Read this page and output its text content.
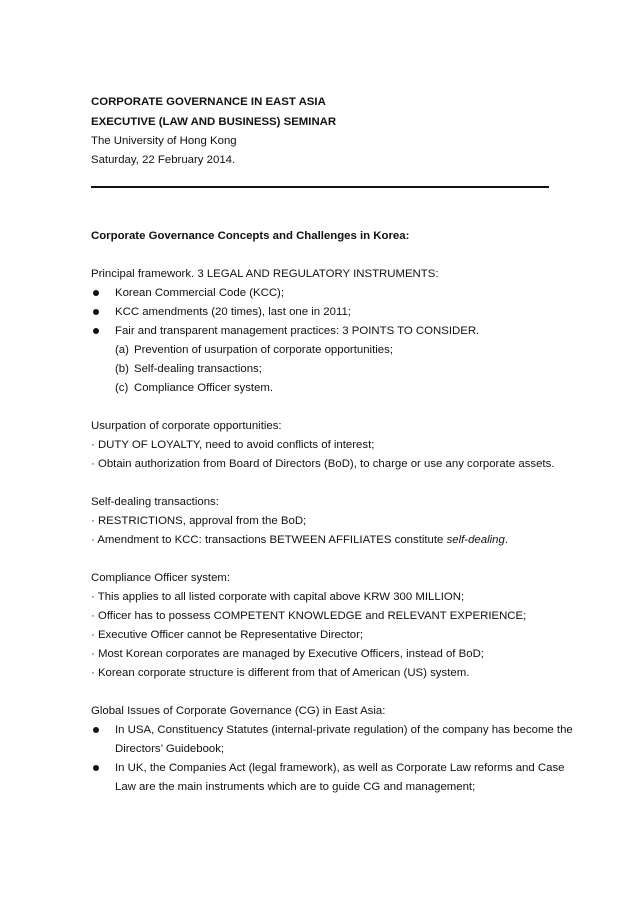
CORPORATE GOVERNANCE IN EAST ASIA
EXECUTIVE (LAW AND BUSINESS) SEMINAR
The University of Hong Kong
Saturday, 22 February 2014.
Corporate Governance Concepts and Challenges in Korea:
Principal framework. 3 LEGAL AND REGULATORY INSTRUMENTS:
Korean Commercial Code (KCC);
KCC amendments (20 times), last one in 2011;
Fair and transparent management practices: 3 POINTS TO CONSIDER.
(a) Prevention of usurpation of corporate opportunities;
(b) Self-dealing transactions;
(c) Compliance Officer system.
Usurpation of corporate opportunities:
· DUTY OF LOYALTY, need to avoid conflicts of interest;
· Obtain authorization from Board of Directors (BoD), to charge or use any corporate assets.
Self-dealing transactions:
· RESTRICTIONS, approval from the BoD;
· Amendment to KCC: transactions BETWEEN AFFILIATES constitute self-dealing.
Compliance Officer system:
· This applies to all listed corporate with capital above KRW 300 MILLION;
· Officer has to possess COMPETENT KNOWLEDGE and RELEVANT EXPERIENCE;
· Executive Officer cannot be Representative Director;
· Most Korean corporates are managed by Executive Officers, instead of BoD;
· Korean corporate structure is different from that of American (US) system.
Global Issues of Corporate Governance (CG) in East Asia:
In USA, Constituency Statutes (internal-private regulation) of the company has become the
Directors’ Guidebook;
In UK, the Companies Act (legal framework), as well as Corporate Law reforms and Case
Law are the main instruments which are to guide CG and management;
